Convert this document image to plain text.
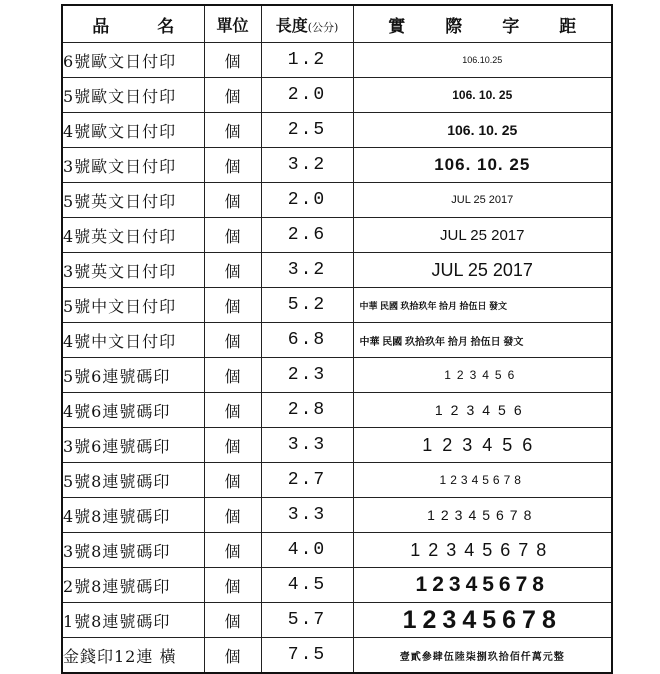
品名	單位	長度(公分)	實際字距
6號歐文日付印	個	1.2	106.10.25
5號歐文日付印	個	2.0	106. 10. 25
4號歐文日付印	個	2.5	106. 10. 25
3號歐文日付印	個	3.2	106. 10. 25
5號英文日付印	個	2.0	JUL 25 2017
4號英文日付印	個	2.6	JUL 25 2017
3號英文日付印	個	3.2	JUL 25 2017
5號中文日付印	個	5.2	中華 民國 玖拾玖年 拾月 拾伍日 發文
4號中文日付印	個	6.8	中華 民國 玖拾玖年 拾月 拾伍日 發文
5號6連號碼印	個	2.3	123456
4號6連號碼印	個	2.8	123456
3號6連號碼印	個	3.3	123456
5號8連號碼印	個	2.7	12345678
4號8連號碼印	個	3.3	12345678
3號8連號碼印	個	4.0	12345678
2號8連號碼印	個	4.5	12345678
1號8連號碼印	個	5.7	12345678
金錢印12連 橫	個	7.5	壹貳參肆伍陸柒捌玖拾佰仟萬元整
